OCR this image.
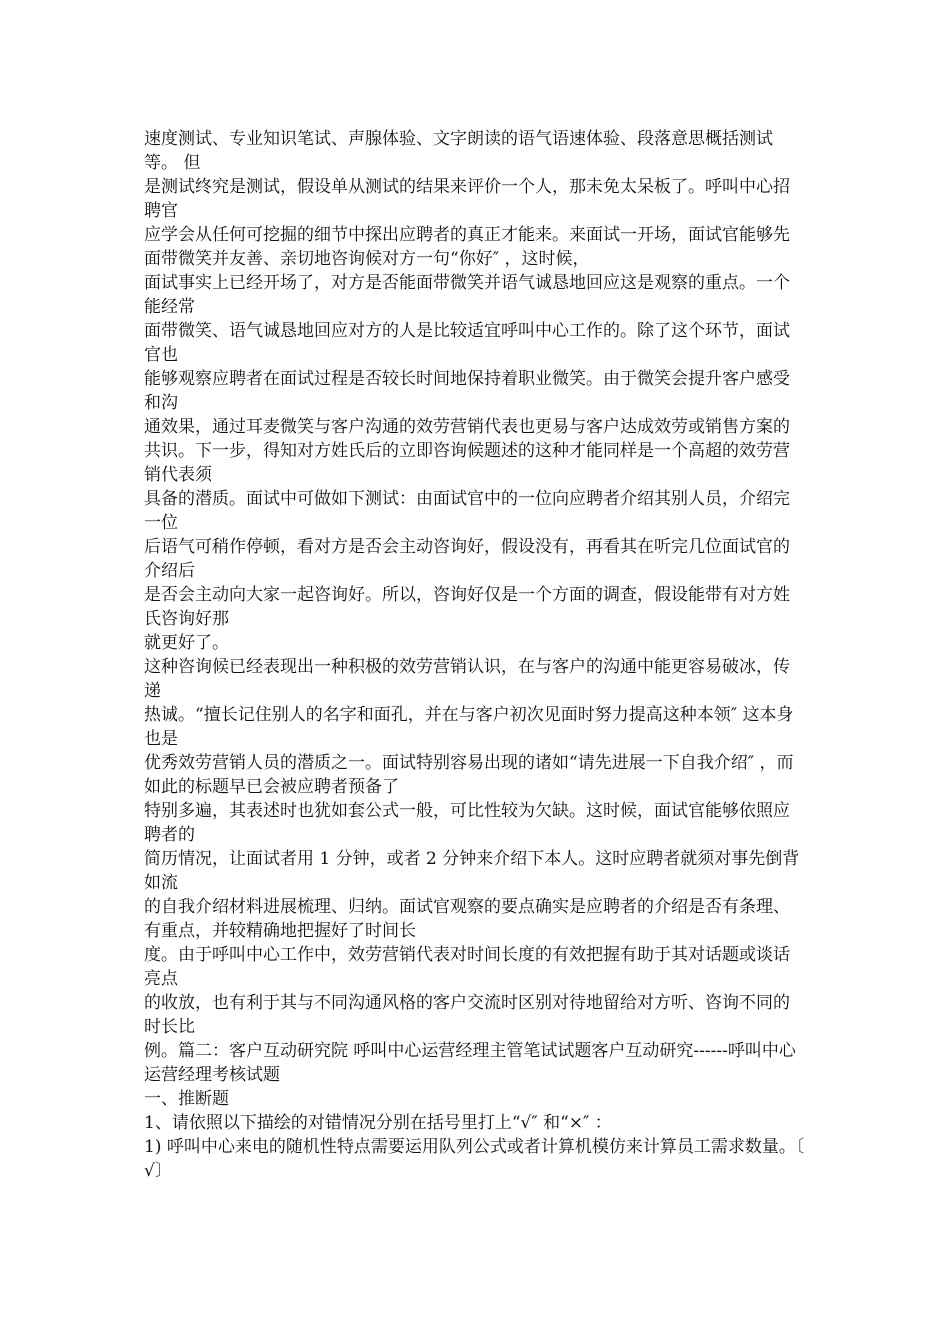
速度测试、专业知识笔试、声腺体验、文字朗读的语气语速体验、段落意思概括测试等。 但

是测试终究是测试，假设单从测试的结果来评价一个人，那未免太呆板了。呼叫中心招聘官

应学会从任何可挖掘的细节中探出应聘者的真正才能来。来面试一开场，面试官能够先面带微笑并友善、亲切地咨询候对方一句“你好″ ，这时候，

面试事实上已经开场了，对方是否能面带微笑并语气诚恳地回应这是观察的重点。一个能经常

面带微笑、语气诚恳地回应对方的人是比较适宜呼叫中心工作的。除了这个环节，面试官也

能够观察应聘者在面试过程是否较长时间地保持着职业微笑。由于微笑会提升客户感受和沟

通效果，通过耳麦微笑与客户沟通的效劳营销代表也更易与客户达成效劳或销售方案的共识。下一步，得知对方姓氏后的立即咨询候题述的这种才能同样是一个高超的效劳营销代表须

具备的潜质。面试中可做如下测试：由面试官中的一位向应聘者介绍其别人员，介绍完一位

后语气可稍作停顿，看对方是否会主动咨询好，假设没有，再看其在听完几位面试官的介绍后

是否会主动向大家一起咨询好。所以，咨询好仅是一个方面的调查，假设能带有对方姓氏咨询好那

就更好了。

这种咨询候已经表现出一种积极的效劳营销认识，在与客户的沟通中能更容易破冰，传递

热诚。“擅长记住别人的名字和面孔，并在与客户初次见面时努力提高这种本领″ 这本身也是

优秀效劳营销人员的潜质之一。面试特别容易出现的诸如“请先进展一下自我介绍″ ，而如此的标题早已会被应聘者预备了

特别多遍，其表述时也犹如套公式一般，可比性较为欠缺。这时候，面试官能够依照应聘者的

简历情况，让面试者用 1 分钟，或者 2 分钟来介绍下本人。这时应聘者就须对事先倒背如流

的自我介绍材料进展梳理、归纳。面试官观察的要点确实是应聘者的介绍是否有条理、有重点，并较精确地把握好了时间长

度。由于呼叫中心工作中，效劳营销代表对时间长度的有效把握有助于其对话题或谈话亮点

的收放，也有利于其与不同沟通风格的客户交流时区别对待地留给对方听、咨询不同的时长比

例。篇二：客户互动研究院 呼叫中心运营经理主管笔试试题客户互动研究------呼叫中心运营经理考核试题

一、推断题

1、请依照以下描绘的对错情况分别在括号里打上“√″ 和“×″ ：

1) 呼叫中心来电的随机性特点需要运用队列公式或者计算机模仿来计算员工需求数量。〔 √〕
